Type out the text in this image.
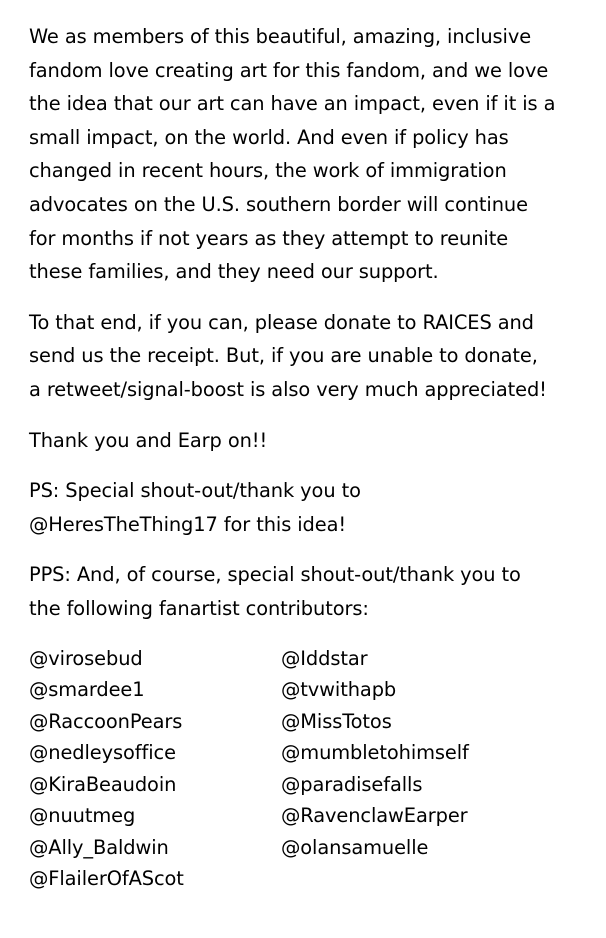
We as members of this beautiful, amazing, inclusive
fandom love creating art for this fandom, and we love
the idea that our art can have an impact, even if it is a
small impact, on the world. And even if policy has
changed in recent hours, the work of immigration
advocates on the U.S. southern border will continue
for months if not years as they attempt to reunite
these families, and they need our support.

To that end, if you can, please donate to RAICES and
send us the receipt. But, if you are unable to donate,
a retweet/signal-boost is also very much appreciated!

Thank you and Earp on!!

PS: Special shout-out/thank you to
@HeresTheThing17 for this idea!

PPS: And, of course, special shout-out/thank you to
the following fanartist contributors:

@virosebud
@smardee1
@RaccoonPears
@nedleysoffice
@KiraBeaudoin
@nuutmeg
@Ally_Baldwin
@FlailerOfAScot
@Iddstar
@tvwithapb
@MissTotos
@mumbletohimself
@paradisefalls
@RavenclawEarper
@olansamuelle
